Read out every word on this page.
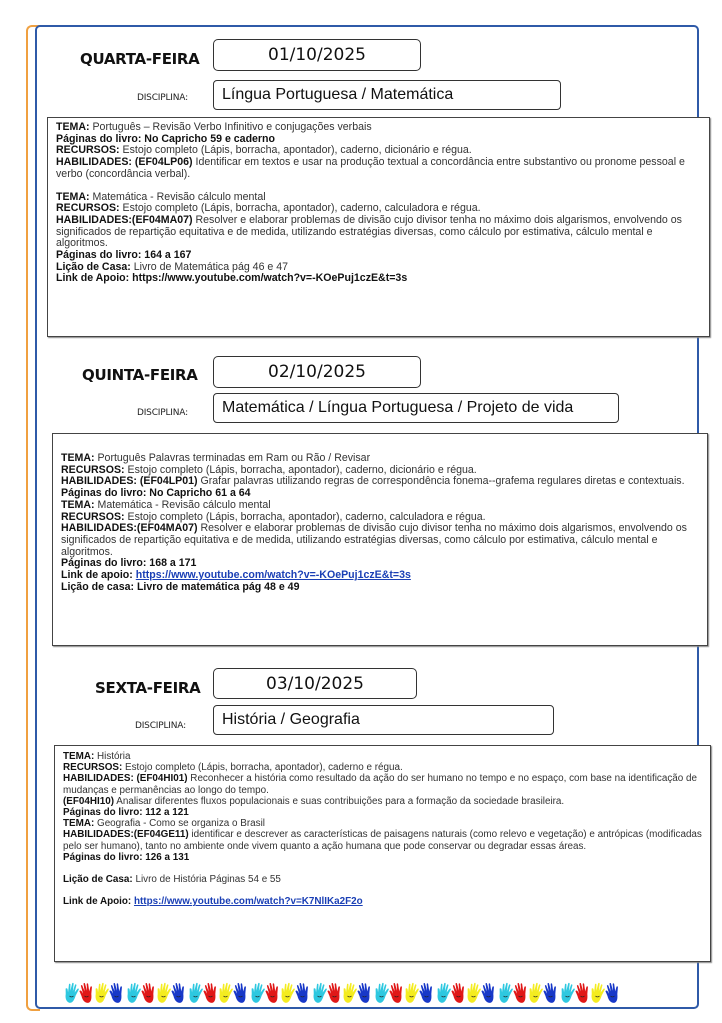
QUARTA-FEIRA	01/10/2025
DISCIPLINA:	Língua Portuguesa / Matemática

TEMA: Português – Revisão Verbo Infinitivo e conjugações verbais

Páginas do livro: No Capricho 59 e caderno

RECURSOS: Estojo completo (Lápis, borracha, apontador), caderno, dicionário e régua.

HABILIDADES: (EF04LP06) Identificar em textos e usar na produção textual a concordância entre substantivo ou pronome pessoal e verbo (concordância verbal).

TEMA: Matemática - Revisão cálculo mental

RECURSOS: Estojo completo (Lápis, borracha, apontador), caderno, calculadora e régua.

HABILIDADES:(EF04MA07) Resolver e elaborar problemas de divisão cujo divisor tenha no máximo dois algarismos, envolvendo os significados de repartição equitativa e de medida, utilizando estratégias diversas, como cálculo por estimativa, cálculo mental e algoritmos.

Páginas do livro: 164 a 167

Lição de Casa: Livro de Matemática pág 46 e 47

Link de Apoio: https://www.youtube.com/watch?v=-KOePuj1czE&t=3s

QUINTA-FEIRA	02/10/2025
DISCIPLINA:	Matemática / Língua Portuguesa / Projeto de vida

TEMA: Português Palavras terminadas em Ram ou Rão / Revisar

RECURSOS: Estojo completo (Lápis, borracha, apontador), caderno, dicionário e régua.

HABILIDADES: (EF04LP01) Grafar palavras utilizando regras de correspondência fonema--grafema regulares diretas e contextuais.

Páginas do livro: No Capricho 61 a 64

TEMA: Matemática - Revisão cálculo mental

RECURSOS: Estojo completo (Lápis, borracha, apontador), caderno, calculadora e régua.

HABILIDADES:(EF04MA07) Resolver e elaborar problemas de divisão cujo divisor tenha no máximo dois algarismos, envolvendo os significados de repartição equitativa e de medida, utilizando estratégias diversas, como cálculo por estimativa, cálculo mental e algoritmos.

Páginas do livro: 168 a 171

Link de apoio: https://www.youtube.com/watch?v=-KOePuj1czE&t=3s

Lição de casa: Livro de matemática pág 48 e 49

SEXTA-FEIRA	03/10/2025
DISCIPLINA:	História / Geografia

TEMA: História

RECURSOS: Estojo completo (Lápis, borracha, apontador), caderno e régua.

HABILIDADES: (EF04HI01) Reconhecer a história como resultado da ação do ser humano no tempo e no espaço, com base na identificação de mudanças e permanências ao longo do tempo.

(EF04HI10) Analisar diferentes fluxos populacionais e suas contribuições para a formação da sociedade brasileira.

Páginas do livro: 112 a 121

TEMA: Geografia - Como se organiza o Brasil

HABILIDADES:(EF04GE11) identificar e descrever as características de paisagens naturais (como relevo e vegetação) e antrópicas (modificadas pelo ser humano), tanto no ambiente onde vivem quanto a ação humana que pode conservar ou degradar essas áreas.

Páginas do livro: 126 a 131

Lição de Casa: Livro de História Páginas 54 e 55

Link de Apoio: https://www.youtube.com/watch?v=K7NlIKa2F2o
